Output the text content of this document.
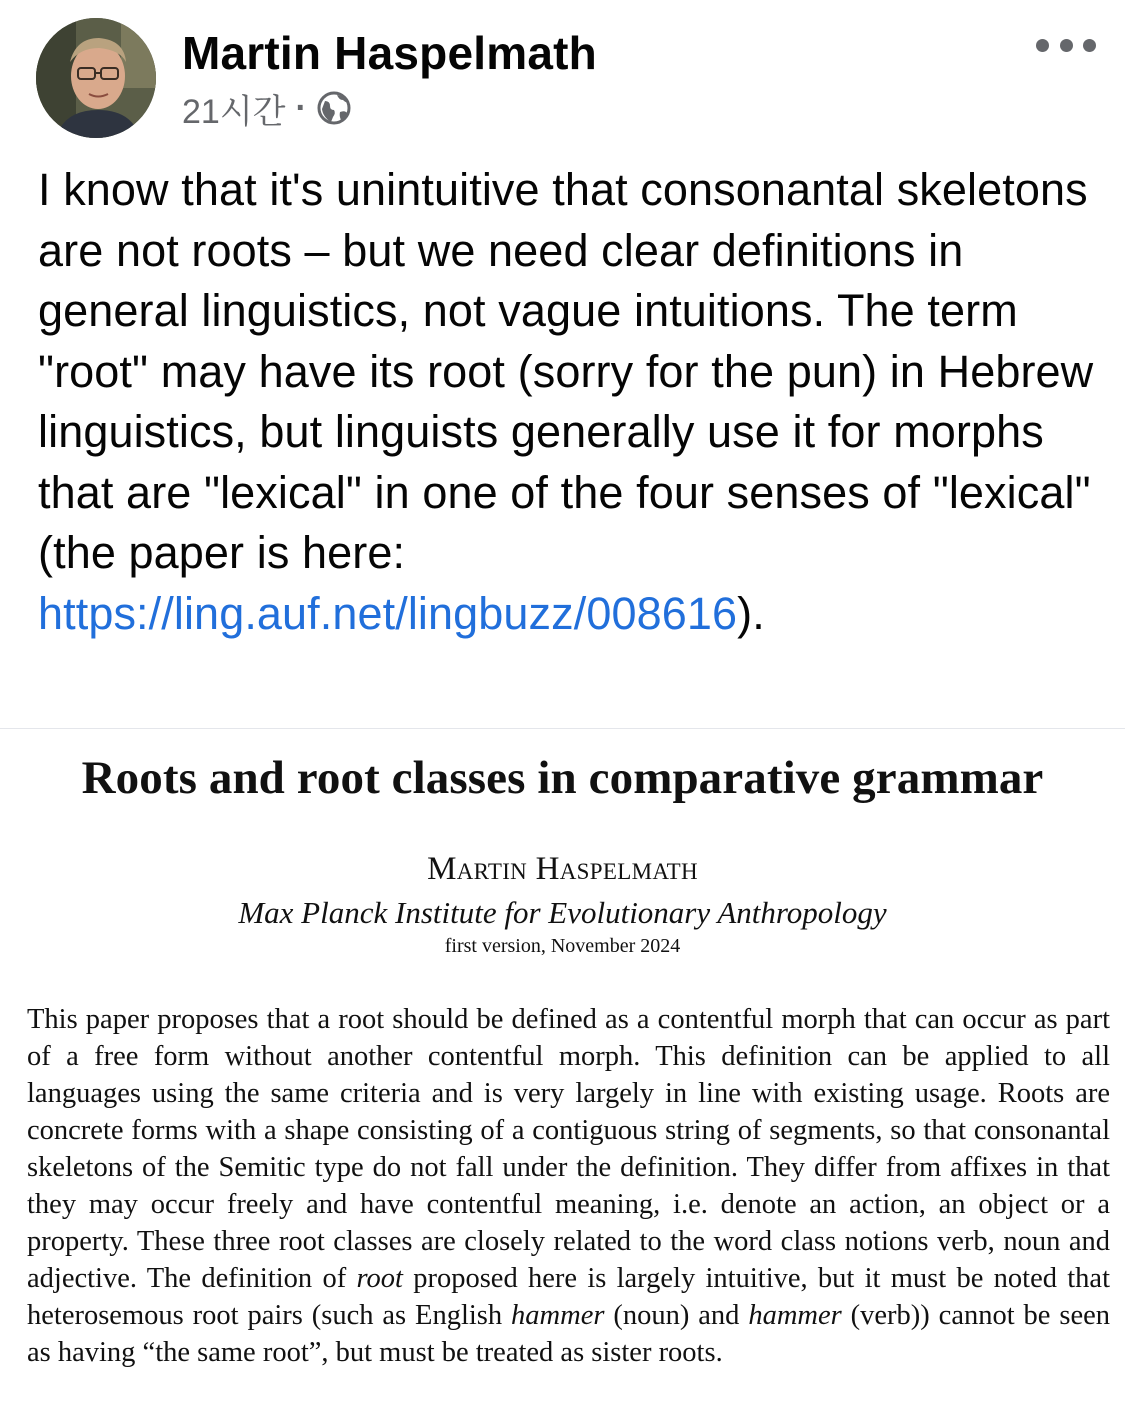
Martin Haspelmath
21시간 ·
I know that it's unintuitive that consonantal skeletons are not roots – but we need clear definitions in general linguistics, not vague intuitions. The term "root" may have its root (sorry for the pun) in Hebrew linguistics, but linguists generally use it for morphs that are "lexical" in one of the four senses of "lexical" (the paper is here: https://ling.auf.net/lingbuzz/008616).
Roots and root classes in comparative grammar
Martin Haspelmath
Max Planck Institute for Evolutionary Anthropology
first version, November 2024
This paper proposes that a root should be defined as a contentful morph that can occur as part of a free form without another contentful morph. This definition can be applied to all languages using the same criteria and is very largely in line with existing usage. Roots are concrete forms with a shape consisting of a contiguous string of segments, so that consonantal skeletons of the Semitic type do not fall under the definition. They differ from affixes in that they may occur freely and have contentful meaning, i.e. denote an action, an object or a property. These three root classes are closely related to the word class notions verb, noun and adjective. The definition of root proposed here is largely intuitive, but it must be noted that heterosemous root pairs (such as English hammer (noun) and hammer (verb)) cannot be seen as having “the same root”, but must be treated as sister roots.
